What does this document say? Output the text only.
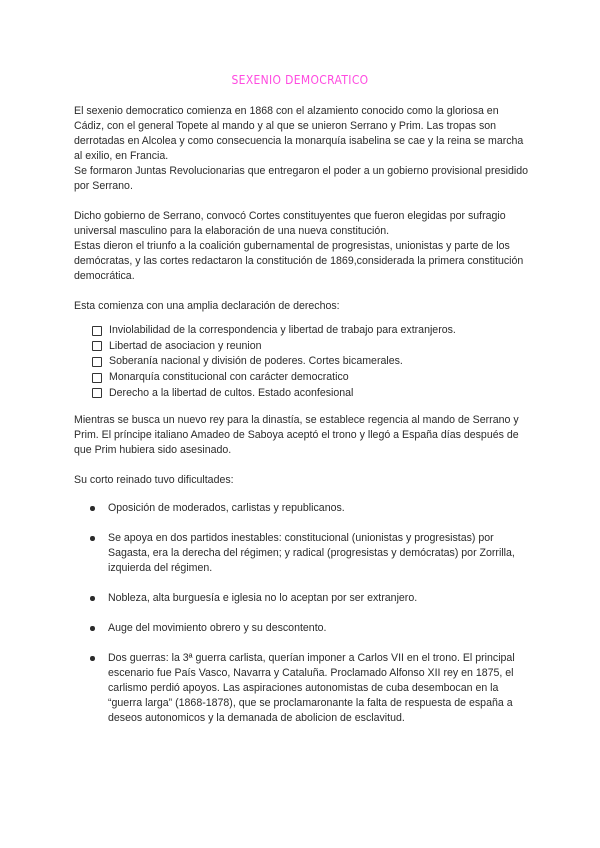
SEXENIO DEMOCRATICO

El sexenio democratico comienza en 1868 con el alzamiento conocido como la gloriosa en Cádiz, con el general Topete al mando y al que se unieron Serrano y Prim. Las tropas son derrotadas en Alcolea y como consecuencia la monarquía isabelina se cae y la reina se marcha al exilio, en Francia.

Se formaron Juntas Revolucionarias que entregaron el poder a un gobierno provisional presidido por Serrano.

Dicho gobierno de Serrano, convocó Cortes constituyentes que fueron elegidas por sufragio universal masculino para la elaboración de una nueva constitución.

Estas dieron el triunfo a la coalición gubernamental de progresistas, unionistas y parte de los demócratas, y las cortes redactaron la constitución de 1869,considerada la primera constitución democrática.

Esta comienza con una amplia declaración de derechos:

Inviolabilidad de la correspondencia y libertad de trabajo para extranjeros.
Libertad de asociacion y reunion
Soberanía nacional y división de poderes. Cortes bicamerales.
Monarquía constitucional con carácter democratico
Derecho a la libertad de cultos. Estado aconfesional

Mientras se busca un nuevo rey para la dinastía, se establece regencia al mando de Serrano y Prim. El príncipe italiano Amadeo de Saboya aceptó el trono y llegó a España días después de que Prim hubiera sido asesinado.

Su corto reinado tuvo dificultades:

Oposición de moderados, carlistas y republicanos.
Se apoya en dos partidos inestables: constitucional (unionistas y progresistas) por Sagasta, era la derecha del régimen; y radical (progresistas y demócratas) por Zorrilla, izquierda del régimen.
Nobleza, alta burguesía e iglesia no lo aceptan por ser extranjero.
Auge del movimiento obrero y su descontento.
Dos guerras: la 3ª guerra carlista, querían imponer a Carlos VII en el trono. El principal escenario fue País Vasco, Navarra y Cataluña. Proclamado Alfonso XII rey en 1875, el carlismo perdió apoyos. Las aspiraciones autonomistas de cuba desembocan en la “guerra larga” (1868-1878), que se proclamaronante la falta de respuesta de españa a deseos autonomicos y la demanada de abolicion de esclavitud.
